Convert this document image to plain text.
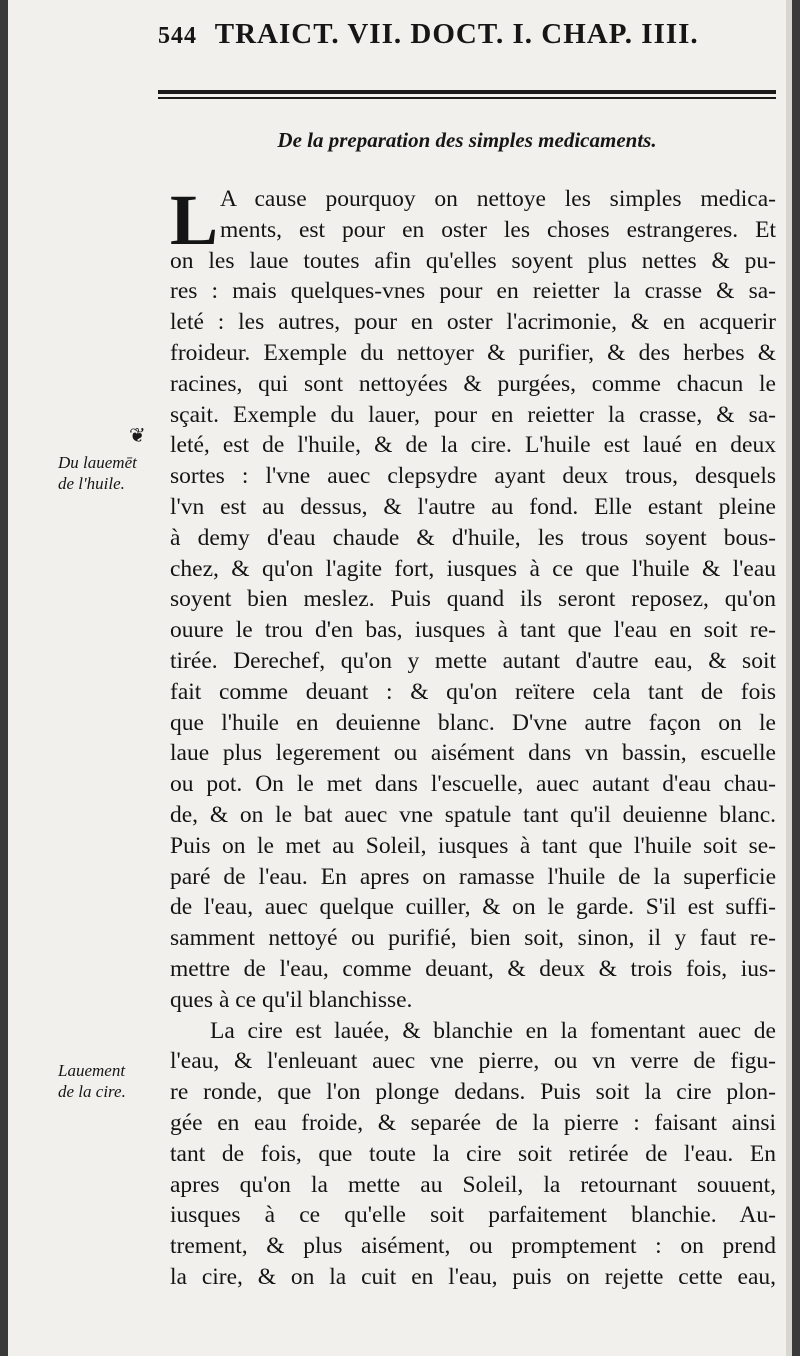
544 TRAICT. VII. DOCT. I. CHAP. IIII.
De la preparation des simples medicaments.
L
❦
Du lauemēt
de l'huile.
Lauement
de la cire.
A cause pourquoy on nettoye les simples medica-
ments, est pour en oster les choses estrangeres. Et
on les laue toutes afin qu'elles soyent plus nettes & pu-
res : mais quelques-vnes pour en reietter la crasse & sa-
leté : les autres, pour en oster l'acrimonie, & en acquerir
froideur. Exemple du nettoyer & purifier, & des herbes &
racines, qui sont nettoyées & purgées, comme chacun le
sçait. Exemple du lauer, pour en reietter la crasse, & sa-
leté, est de l'huile, & de la cire. L'huile est laué en deux
sortes : l'vne auec clepsydre ayant deux trous, desquels
l'vn est au dessus, & l'autre au fond. Elle estant pleine
à demy d'eau chaude & d'huile, les trous soyent bous-
chez, & qu'on l'agite fort, iusques à ce que l'huile & l'eau
soyent bien meslez. Puis quand ils seront reposez, qu'on
ouure le trou d'en bas, iusques à tant que l'eau en soit re-
tirée. Derechef, qu'on y mette autant d'autre eau, & soit
fait comme deuant : & qu'on reïtere cela tant de fois
que l'huile en deuienne blanc. D'vne autre façon on le
laue plus legerement ou aisément dans vn bassin, escuelle
ou pot. On le met dans l'escuelle, auec autant d'eau chau-
de, & on le bat auec vne spatule tant qu'il deuienne blanc.
Puis on le met au Soleil, iusques à tant que l'huile soit se-
paré de l'eau. En apres on ramasse l'huile de la superficie
de l'eau, auec quelque cuiller, & on le garde. S'il est suffi-
samment nettoyé ou purifié, bien soit, sinon, il y faut re-
mettre de l'eau, comme deuant, & deux & trois fois, ius-
ques à ce qu'il blanchisse.
La cire est lauée, & blanchie en la fomentant auec de
l'eau, & l'enleuant auec vne pierre, ou vn verre de figu-
re ronde, que l'on plonge dedans. Puis soit la cire plon-
gée en eau froide, & separée de la pierre : faisant ainsi
tant de fois, que toute la cire soit retirée de l'eau. En
apres qu'on la mette au Soleil, la retournant souuent,
iusques à ce qu'elle soit parfaitement blanchie. Au-
trement, & plus aisément, ou promptement : on prend
la cire, & on la cuit en l'eau, puis on rejette cette eau,
